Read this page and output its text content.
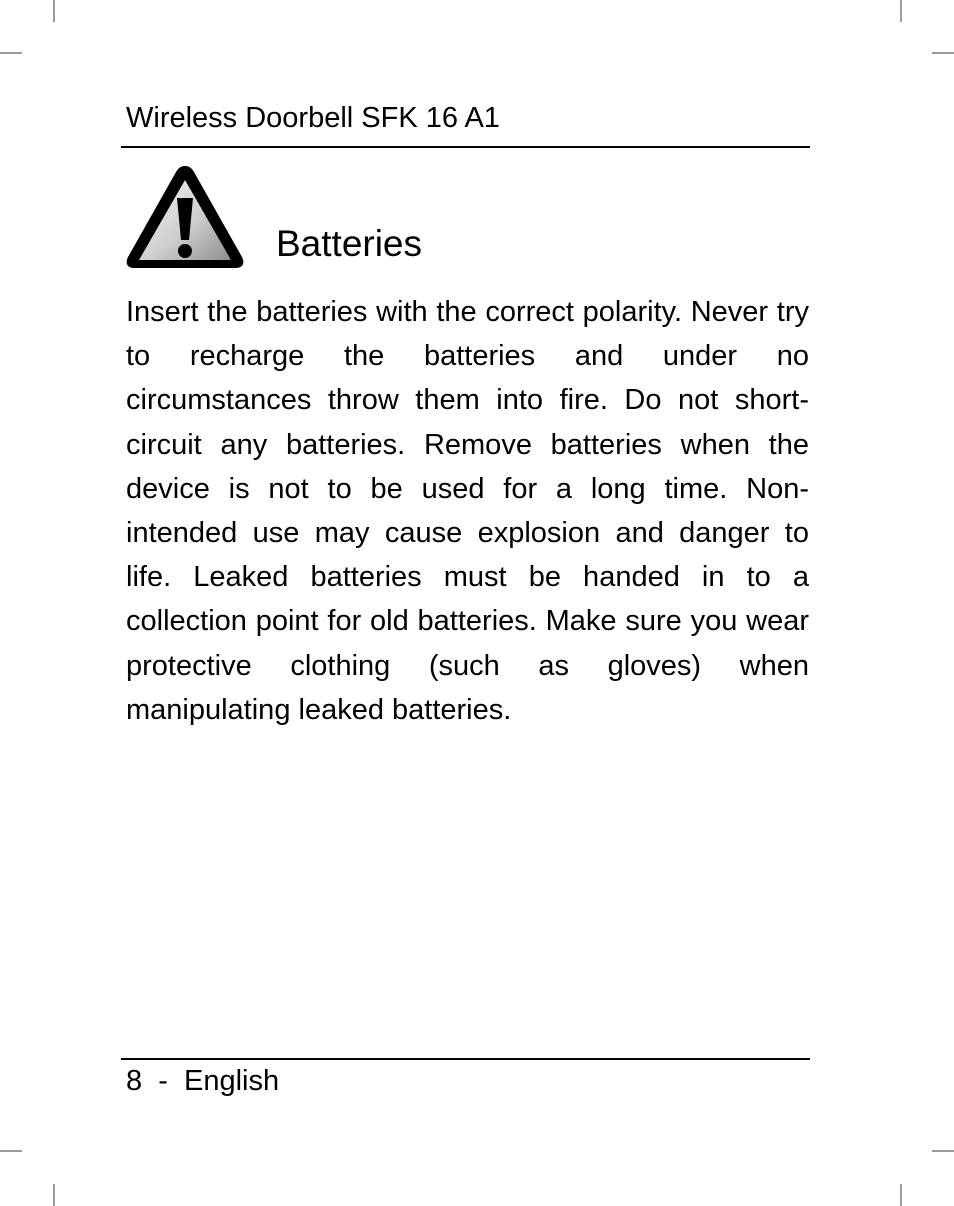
Wireless Doorbell SFK 16 A1
Batteries

Insert the batteries with the correct polarity. Never try to recharge the batteries and under no circumstances throw them into fire. Do not short-circuit any batteries. Remove batteries when the device is not to be used for a long time. Non-intended use may cause explosion and danger to life. Leaked batteries must be handed in to a collection point for old batteries. Make sure you wear protective clothing (such as gloves) when manipulating leaked batteries.

8  -  English
